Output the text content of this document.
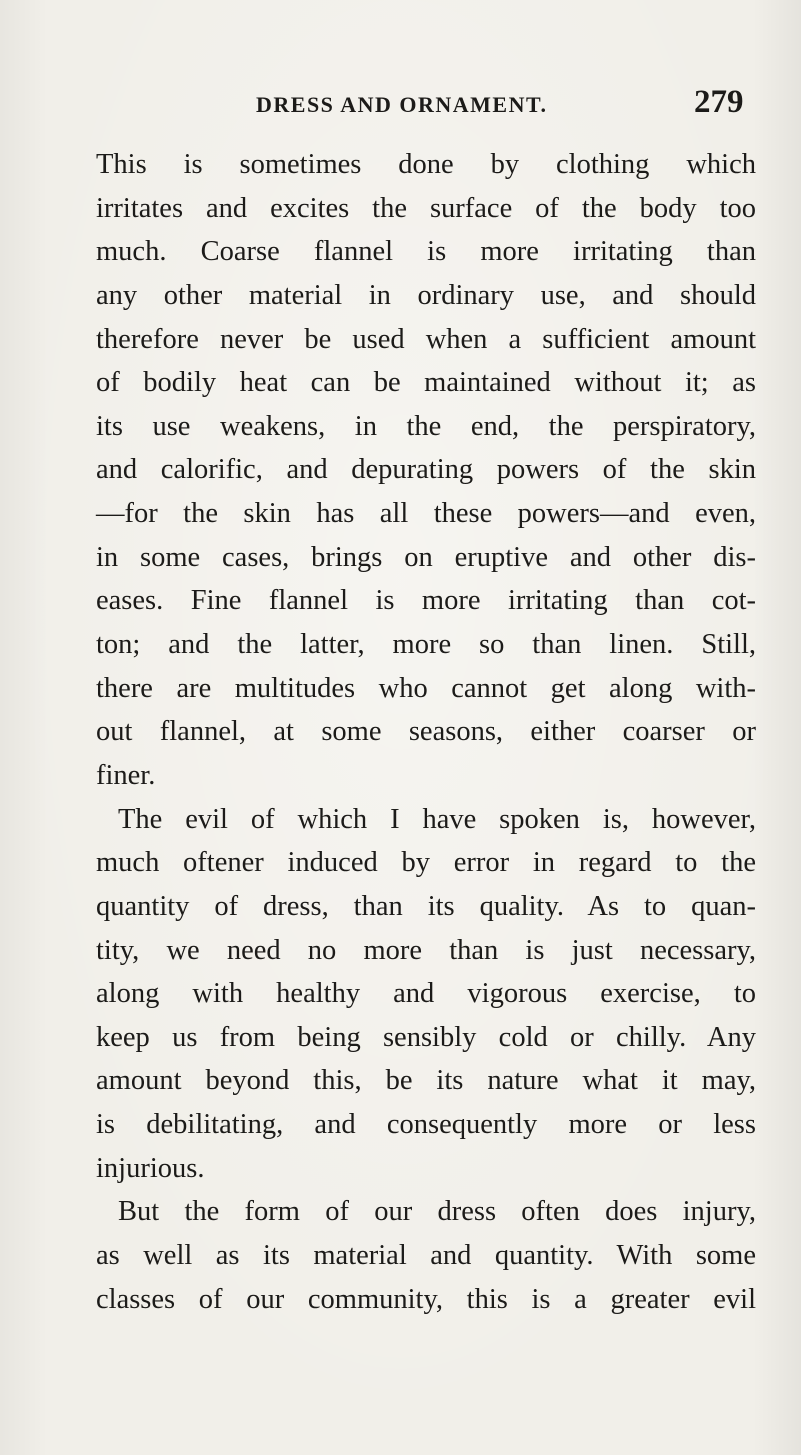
DRESS AND ORNAMENT.	279
This is sometimes done by clothing which
irritates and excites the surface of the body too
much. Coarse flannel is more irritating than
any other material in ordinary use, and should
therefore never be used when a sufficient amount
of bodily heat can be maintained without it; as
its use weakens, in the end, the perspiratory,
and calorific, and depurating powers of the skin
—for the skin has all these powers—and even,
in some cases, brings on eruptive and other dis-
eases. Fine flannel is more irritating than cot-
ton; and the latter, more so than linen. Still,
there are multitudes who cannot get along with-
out flannel, at some seasons, either coarser or
finer.
The evil of which I have spoken is, however,
much oftener induced by error in regard to the
quantity of dress, than its quality. As to quan-
tity, we need no more than is just necessary,
along with healthy and vigorous exercise, to
keep us from being sensibly cold or chilly. Any
amount beyond this, be its nature what it may,
is debilitating, and consequently more or less
injurious.
But the form of our dress often does injury,
as well as its material and quantity. With some
classes of our community, this is a greater evil
